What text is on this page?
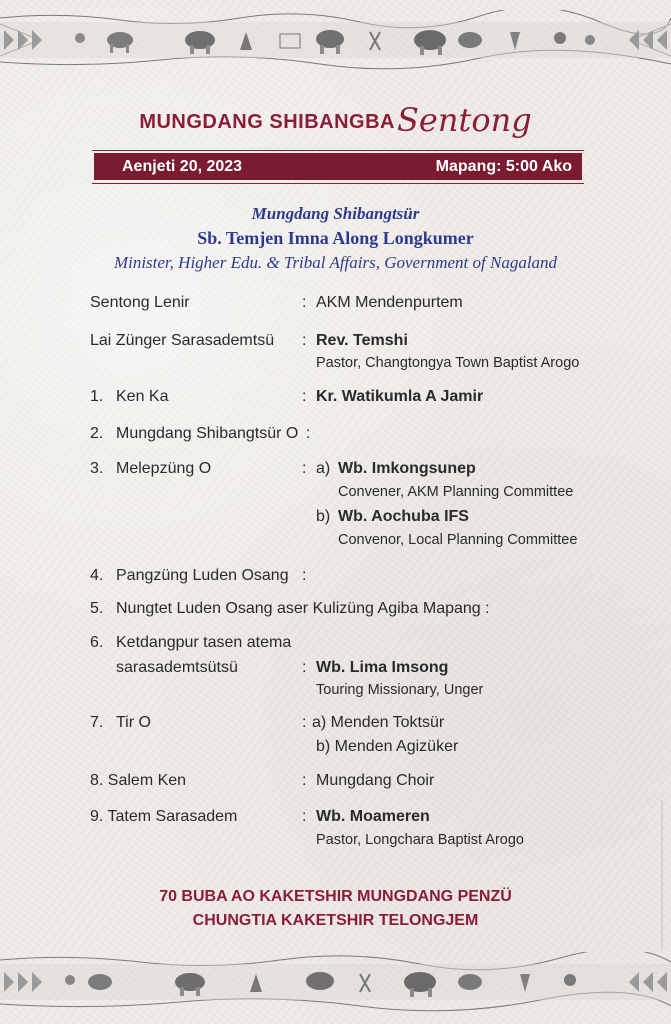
MUNGDANG SHIBANGBA Sentong
Aenjeti 20, 2023	Mapang: 5:00 Ako
Mungdang Shibangtsür
Sb. Temjen Imna Along Longkumer
Minister, Higher Edu. & Tribal Affairs, Government of Nagaland
Sentong Lenir	: AKM Mendenpurtem
Lai Zünger Sarasademtsü : Rev. Temshi
Pastor, Changtongya Town Baptist Arogo
1. Ken Ka	: Kr. Watikumla A Jamir
2. Mungdang Shibangtsür O :
3. Melepzüng O	: a) Wb. Imkongsunep
Convener, AKM Planning Committee
b) Wb. Aochuba IFS
Convenor, Local Planning Committee
4. Pangzüng Luden Osang :
5. Nungtet Luden Osang aser Kulizüng Agiba Mapang :
6. Ketdangpur tasen atema
sarasademtsütsü	: Wb. Lima Imsong
Touring Missionary, Unger
7. Tir O	: a) Menden Toktsür
b) Menden Agizüker
8. Salem Ken	: Mungdang Choir
9. Tatem Sarasadem	: Wb. Moameren
Pastor, Longchara Baptist Arogo
70 BUBA AO KAKETSHIR MUNGDANG PENZÜ
CHUNGTIA KAKETSHIR TELONGJEM
